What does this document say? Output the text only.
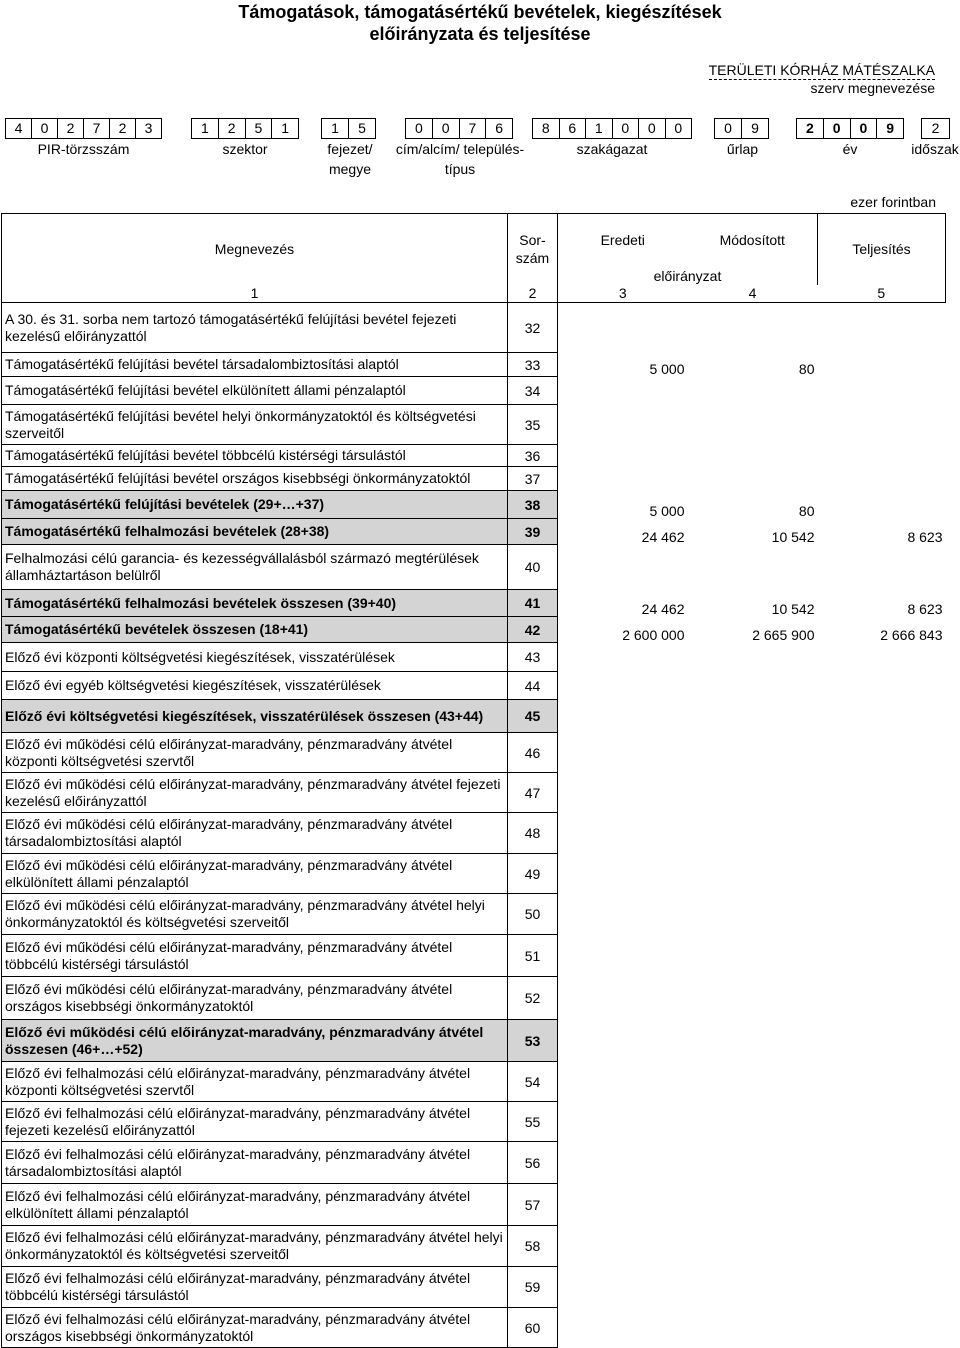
Támogatások, támogatásértékű bevételek, kiegészítések
előirányzata és teljesítése
TERÜLETI KÓRHÁZ MÁTÉSZALKA
szerv megnevezése
4	0	2	7	2	3
PIR-törzsszám
1	2	5	1
szektor
1	5
fejezet/ megye
0	0	7	6
cím/alcím/ település-típus
8	6	1	0	0	0
szakágazat
0	9
űrlap
2	0	0	9
év
2
időszak
ezer forintban
Megnevezés	Sor-szám	Eredeti	Módosított	Teljesítés
		előirányzat		
1	2	3	4	5
A 30. és 31. sorba nem tartozó támogatásértékű felújítási bevétel fejezeti kezelésű előirányzattól	32			
Támogatásértékű felújítási bevétel társadalombiztosítási alaptól	33	5 000	80	
Támogatásértékű felújítási bevétel elkülönített állami pénzalaptól	34			
Támogatásértékű felújítási bevétel helyi önkormányzatoktól és költségvetési szerveitől	35			
Támogatásértékű felújítási bevétel többcélú kistérségi társulástól	36			
Támogatásértékű felújítási bevétel országos kisebbségi önkormányzatoktól	37			
Támogatásértékű felújítási bevételek (29+…+37)	38	5 000	80	
Támogatásértékű felhalmozási bevételek (28+38)	39	24 462	10 542	8 623
Felhalmozási célú garancia- és kezességvállalásból származó megtérülések államháztartáson belülről	40			
Támogatásértékű felhalmozási bevételek összesen (39+40)	41	24 462	10 542	8 623
Támogatásértékű bevételek összesen (18+41)	42	2 600 000	2 665 900	2 666 843
Előző évi központi költségvetési kiegészítések, visszatérülések	43			
Előző évi egyéb költségvetési kiegészítések, visszatérülések	44			
Előző évi költségvetési kiegészítések, visszatérülések összesen (43+44)	45			
Előző évi működési célú előirányzat-maradvány, pénzmaradvány átvétel központi költségvetési szervtől	46			
Előző évi működési célú előirányzat-maradvány, pénzmaradvány átvétel fejezeti kezelésű előirányzattól	47			
Előző évi működési célú előirányzat-maradvány, pénzmaradvány átvétel társadalombiztosítási alaptól	48			
Előző évi működési célú előirányzat-maradvány, pénzmaradvány átvétel elkülönített állami pénzalaptól	49			
Előző évi működési célú előirányzat-maradvány, pénzmaradvány átvétel helyi önkormányzatoktól és költségvetési szerveitől	50			
Előző évi működési célú előirányzat-maradvány, pénzmaradvány átvétel többcélú kistérségi társulástól	51			
Előző évi működési célú előirányzat-maradvány, pénzmaradvány átvétel országos kisebbségi önkormányzatoktól	52			
Előző évi működési célú előirányzat-maradvány, pénzmaradvány átvétel összesen (46+…+52)	53			
Előző évi felhalmozási célú előirányzat-maradvány, pénzmaradvány átvétel központi költségvetési szervtől	54			
Előző évi felhalmozási célú előirányzat-maradvány, pénzmaradvány átvétel fejezeti kezelésű előirányzattól	55			
Előző évi felhalmozási célú előirányzat-maradvány, pénzmaradvány átvétel társadalombiztosítási alaptól	56			
Előző évi felhalmozási célú előirányzat-maradvány, pénzmaradvány átvétel elkülönített állami pénzalaptól	57			
Előző évi felhalmozási célú előirányzat-maradvány, pénzmaradvány átvétel helyi önkormányzatoktól és költségvetési szerveitől	58			
Előző évi felhalmozási célú előirányzat-maradvány, pénzmaradvány átvétel többcélú kistérségi társulástól	59			
Előző évi felhalmozási célú előirányzat-maradvány, pénzmaradvány átvétel országos kisebbségi önkormányzatoktól	60			
